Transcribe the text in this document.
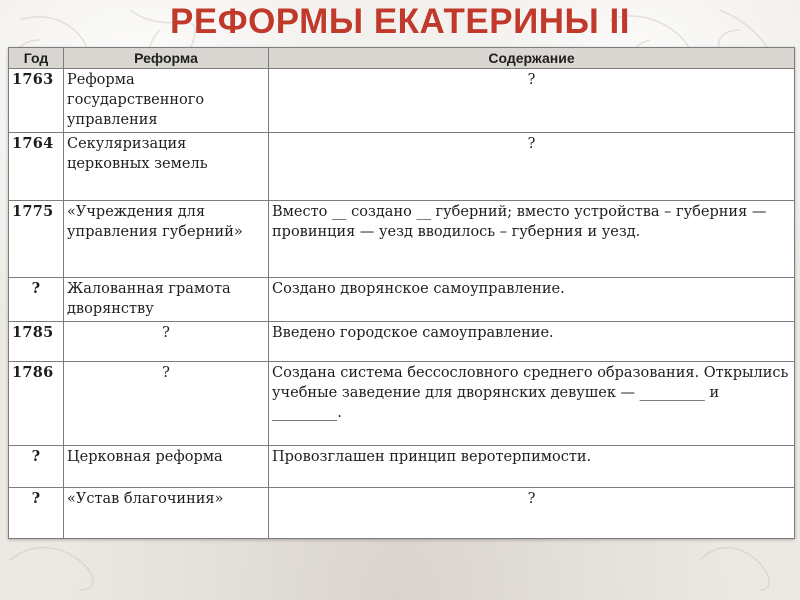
РЕФОРМЫ ЕКАТЕРИНЫ II
Год	Реформа	Содержание
1763	Реформа государственного управления	?
1764	Секуляризация церковных земель	?
1775	«Учреждения для управления губерний»	Вместо __ создано __ губерний; вместо устройства – губерния — провинция — уезд вводилось – губерния и уезд.
?	Жалованная грамота дворянству	Создано дворянское самоуправление.
1785	?	Введено городское самоуправление.
1786	?	Создана система бессословного среднего образования. Открылись учебные заведение для дворянских девушек — _________ и _________.
?	Церковная реформа	Провозглашен принцип веротерпимости.
?	«Устав благочиния»	?
